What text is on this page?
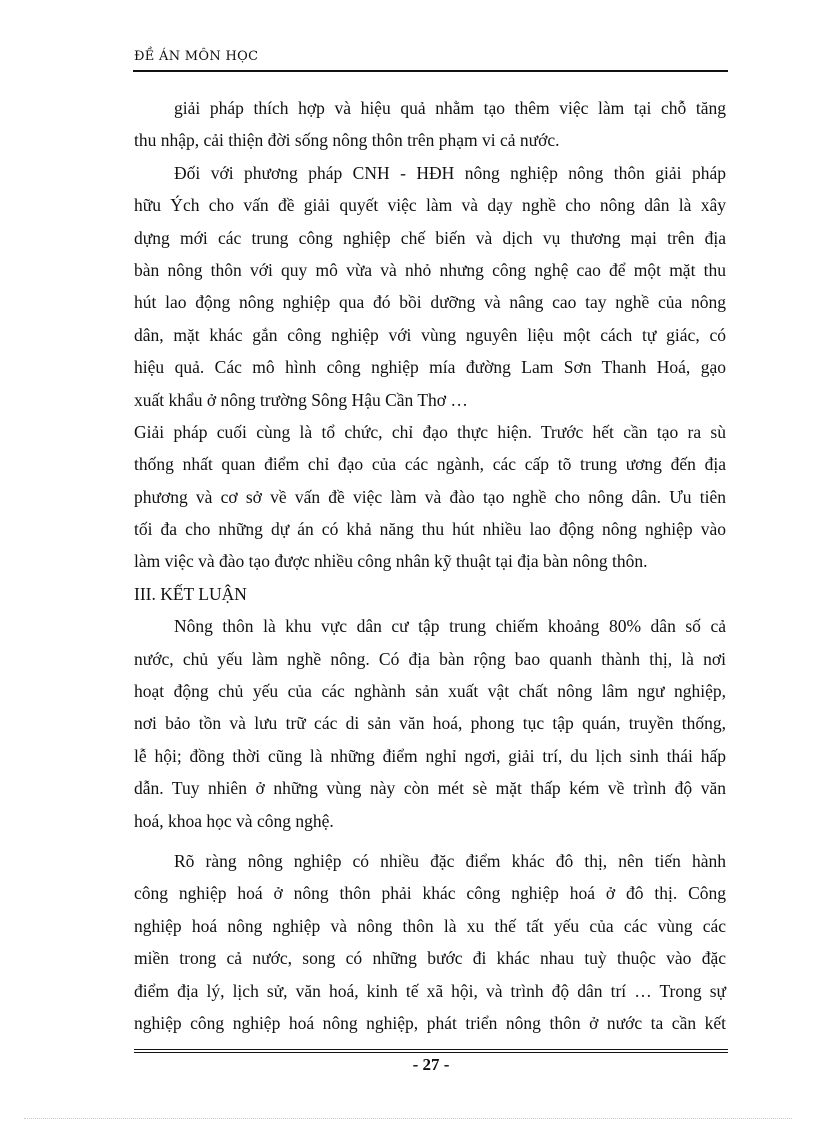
ĐỀ ÁN MÔN HỌC
giải pháp thích hợp và hiệu quả nhằm tạo thêm việc làm tại chỗ tăng
thu nhập, cải thiện đời sống nông thôn trên phạm vi cả nước.
Đối với phương pháp CNH - HĐH nông nghiệp nông thôn giải pháp
hữu Ých cho vấn đề giải quyết việc làm và dạy nghề cho nông dân là xây
dựng mới các trung công nghiệp chế biến và dịch vụ thương mại trên địa
bàn nông thôn với quy mô vừa và nhỏ nhưng công nghệ cao để một mặt thu
hút lao động nông nghiệp qua đó bồi dưỡng và nâng cao tay nghề của nông
dân, mặt khác gắn công nghiệp với vùng nguyên liệu một cách tự giác, có
hiệu quả. Các mô hình công nghiệp mía đường Lam Sơn Thanh Hoá, gạo
xuất khẩu ở nông trường Sông Hậu Cần Thơ …
Giải pháp cuối cùng là tổ chức, chỉ đạo thực hiện. Trước hết cần tạo ra sù
thống nhất quan điểm chỉ đạo của các ngành, các cấp tõ trung ương đến địa
phương và cơ sở về vấn đề việc làm và đào tạo nghề cho nông dân. Ưu tiên
tối đa cho những dự án có khả năng thu hút nhiều lao động nông nghiệp vào
làm việc và đào tạo được nhiều công nhân kỹ thuật tại địa bàn nông thôn.
III. KẾT LUẬN
Nông thôn là khu vực dân cư tập trung chiếm khoảng 80% dân số cả
nước, chủ yếu làm nghề nông. Có địa bàn rộng bao quanh thành thị, là nơi
hoạt động chủ yếu của các nghành sản xuất vật chất nông lâm ngư nghiệp,
nơi bảo tồn và lưu trữ các di sản văn hoá, phong tục tập quán, truyền thống,
lễ hội; đồng thời cũng là những điểm nghỉ ngơi, giải trí, du lịch sinh thái hấp
dẫn. Tuy nhiên ở những vùng này còn mét sè mặt thấp kém về trình độ văn
hoá, khoa học và công nghệ.
Rõ ràng nông nghiệp có nhiều đặc điểm khác đô thị, nên tiến hành
công nghiệp hoá ở nông thôn phải khác công nghiệp hoá ở đô thị. Công
nghiệp hoá nông nghiệp và nông thôn là xu thế tất yếu của các vùng các
miền trong cả nước, song có những bước đi khác nhau tuỳ thuộc vào đặc
điểm địa lý, lịch sử, văn hoá, kinh tế xã hội, và trình độ dân trí … Trong sự
nghiệp công nghiệp hoá nông nghiệp, phát triển nông thôn ở nước ta cần kết
- 27 -
